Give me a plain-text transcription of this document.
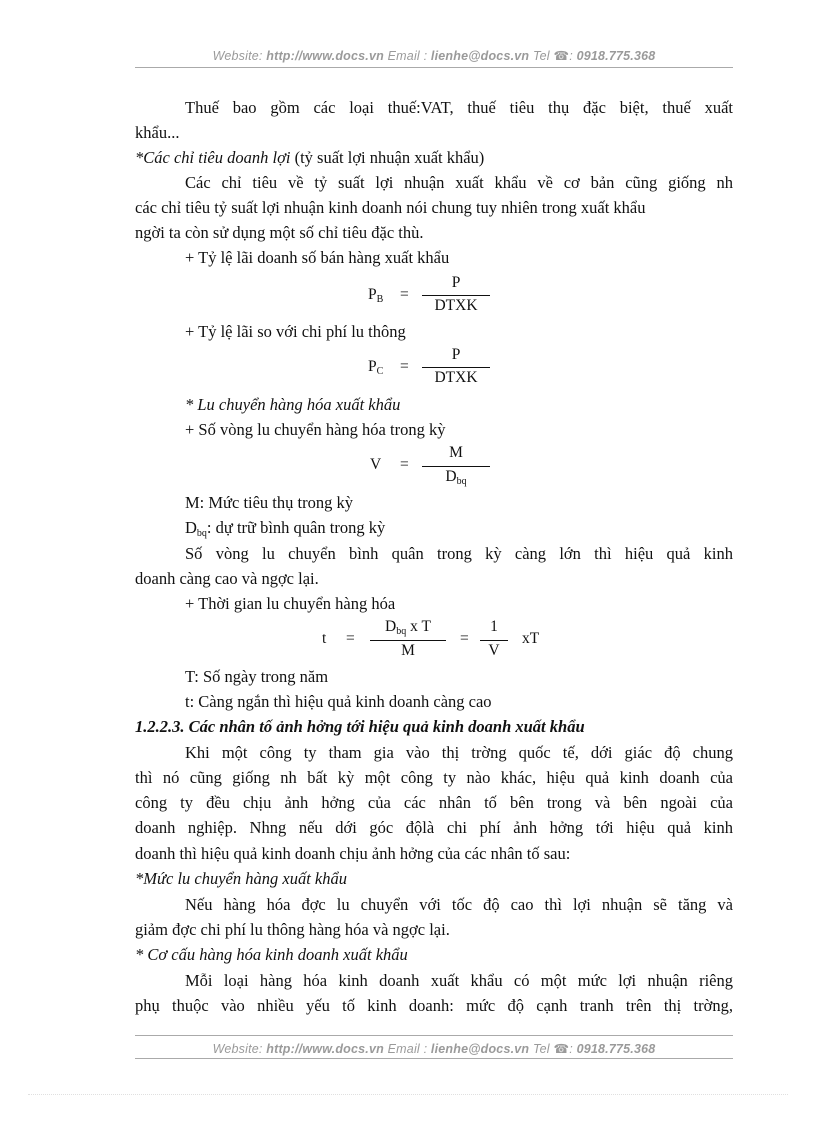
Website: http://www.docs.vn Email : lienhe@docs.vn Tel ☎: 0918.775.368
Thuế bao gồm các loại thuế:VAT, thuế tiêu thụ đặc biệt, thuế xuất
khẩu...
*Các chỉ tiêu doanh lợi (tỷ suất lợi nhuận xuất khẩu)
Các chỉ tiêu về tỷ suất lợi nhuận xuất khẩu về cơ bản cũng giống nh
các chỉ tiêu tỷ suất lợi nhuận kinh doanh nói chung tuy nhiên trong xuất khẩu
ngời ta còn sử dụng một số chỉ tiêu đặc thù.
+ Tỷ lệ lãi doanh số bán hàng xuất khẩu
$P_B$ =
P
DTXK
+ Tỷ lệ lãi so với chi phí lu thông
$P_C$ =
P
DTXK
* Lu chuyển hàng hóa xuất khẩu
+ Số vòng lu chuyển hàng hóa trong kỳ
V =
M
$D_{bq}$
M: Mức tiêu thụ trong kỳ
$D_{bq}$: dự trữ bình quân trong kỳ
Số vòng lu chuyển bình quân trong kỳ càng lớn thì hiệu quả kinh
doanh càng cao và ngợc lại.
+ Thời gian lu chuyển hàng hóa
t =
$D_{bq}$ x T
M
=
1
V
xT
T: Số ngày trong năm
t: Càng ngắn thì hiệu quả kinh doanh càng cao
1.2.2.3. Các nhân tố ảnh hởng tới hiệu quả kinh doanh xuất khẩu
Khi một công ty tham gia vào thị trờng quốc tế, dới giác độ chung
thì nó cũng giống nh bất kỳ một công ty nào khác, hiệu quả kinh doanh của
công ty đều chịu ảnh hởng của các nhân tố bên trong và bên ngoài của
doanh nghiệp. Nhng nếu dới góc độlà chi phí ảnh hởng tới hiệu quả kinh
doanh thì hiệu quả kinh doanh chịu ảnh hởng của các nhân tố sau:
*Mức lu chuyển hàng xuất khẩu
Nếu hàng hóa đợc lu chuyển với tốc độ cao thì lợi nhuận sẽ tăng và
giảm đợc chi phí lu thông hàng hóa và ngợc lại.
* Cơ cấu hàng hóa kinh doanh xuất khẩu
Mỗi loại hàng hóa kinh doanh xuất khẩu có một mức lợi nhuận riêng
phụ thuộc vào nhiều yếu tố kinh doanh: mức độ cạnh tranh trên thị trờng,
Website: http://www.docs.vn Email : lienhe@docs.vn Tel ☎: 0918.775.368
